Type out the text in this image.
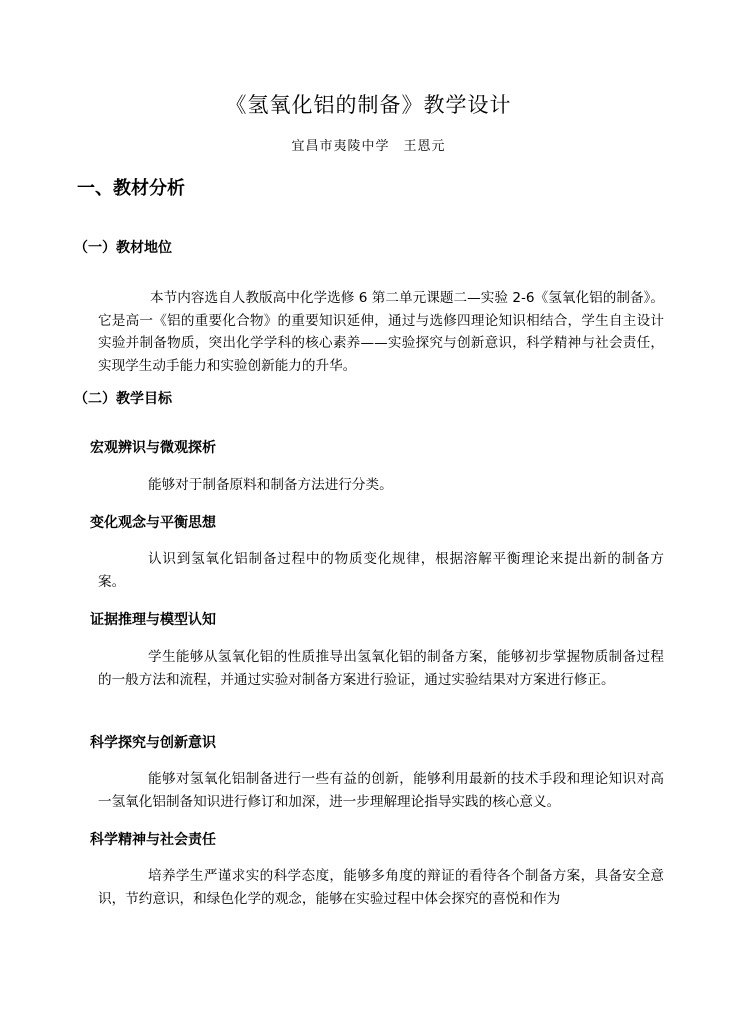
《氢氧化铝的制备》教学设计
宜昌市夷陵中学 王恩元
一、教材分析
（一）教材地位

本节内容选自人教版高中化学选修 6 第二单元课题二—实验 2-6《氢氧化铝的制备》。它是高一《铝的重要化合物》的重要知识延伸，通过与选修四理论知识相结合，学生自主设计实验并制备物质，突出化学学科的核心素养——实验探究与创新意识，科学精神与社会责任，实现学生动手能力和实验创新能力的升华。

（二）教学目标
宏观辨识与微观探析

能够对于制备原料和制备方法进行分类。

变化观念与平衡思想

认识到氢氧化铝制备过程中的物质变化规律，根据溶解平衡理论来提出新的制备方案。

证据推理与模型认知

学生能够从氢氧化铝的性质推导出氢氧化铝的制备方案，能够初步掌握物质制备过程的一般方法和流程，并通过实验对制备方案进行验证，通过实验结果对方案进行修正。

科学探究与创新意识

能够对氢氧化铝制备进行一些有益的创新，能够利用最新的技术手段和理论知识对高一氢氧化铝制备知识进行修订和加深，进一步理解理论指导实践的核心意义。

科学精神与社会责任

培养学生严谨求实的科学态度，能够多角度的辩证的看待各个制备方案，具备安全意识，节约意识，和绿色化学的观念，能够在实验过程中体会探究的喜悦和作为
